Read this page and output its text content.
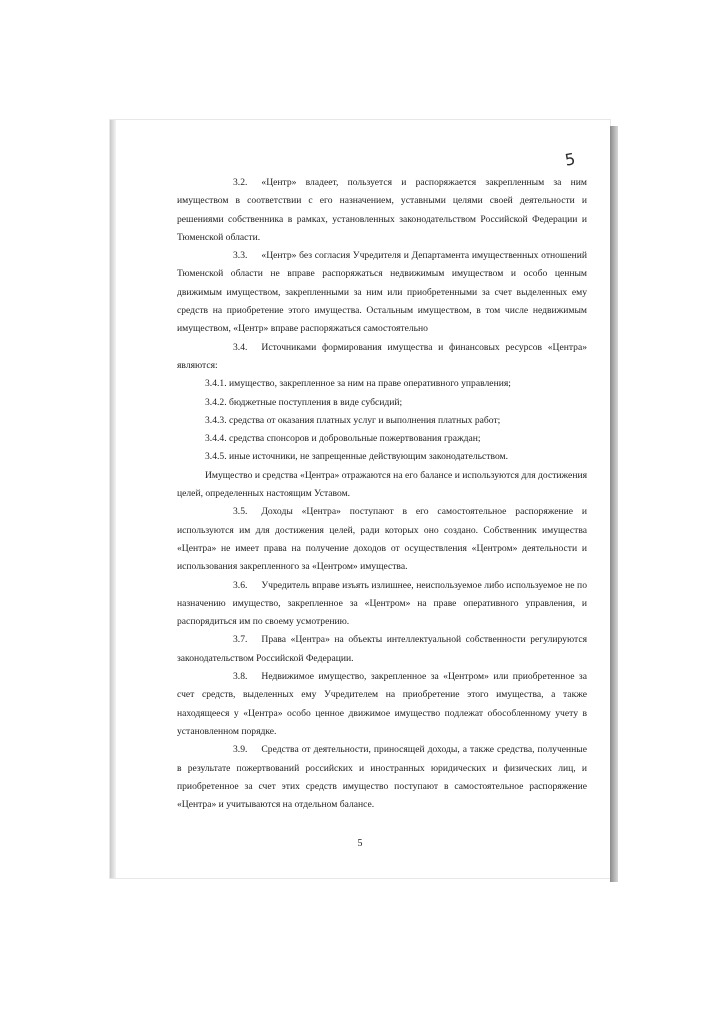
5

3.2. «Центр» владеет, пользуется и распоряжается закрепленным за ним имуществом в соответствии с его назначением, уставными целями своей деятельности и решениями собственника в рамках, установленных законодательством Российской Федерации и Тюменской области.

3.3. «Центр» без согласия Учредителя и Департамента имущественных отношений Тюменской области не вправе распоряжаться недвижимым имуществом и особо ценным движимым имуществом, закрепленными за ним или приобретенными за счет выделенных ему средств на приобретение этого имущества. Остальным имуществом, в том числе недвижимым имуществом, «Центр» вправе распоряжаться самостоятельно

3.4. Источниками формирования имущества и финансовых ресурсов «Центра» являются:

3.4.1. имущество, закрепленное за ним на праве оперативного управления;

3.4.2. бюджетные поступления в виде субсидий;

3.4.3. средства от оказания платных услуг и выполнения платных работ;

3.4.4. средства спонсоров и добровольные пожертвования граждан;

3.4.5. иные источники, не запрещенные действующим законодательством.

Имущество и средства «Центра» отражаются на его балансе и используются для достижения целей, определенных настоящим Уставом.

3.5. Доходы «Центра» поступают в его самостоятельное распоряжение и используются им для достижения целей, ради которых оно создано. Собственник имущества «Центра» не имеет права на получение доходов от осуществления «Центром» деятельности и использования закрепленного за «Центром» имущества.

3.6. Учредитель вправе изъять излишнее, неиспользуемое либо используемое не по назначению имущество, закрепленное за «Центром» на праве оперативного управления, и распорядиться им по своему усмотрению.

3.7. Права «Центра» на объекты интеллектуальной собственности регулируются законодательством Российской Федерации.

3.8. Недвижимое имущество, закрепленное за «Центром» или приобретенное за счет средств, выделенных ему Учредителем на приобретение этого имущества, а также находящееся у «Центра» особо ценное движимое имущество подлежат обособленному учету в установленном порядке.

3.9. Средства от деятельности, приносящей доходы, а также средства, полученные в результате пожертвований российских и иностранных юридических и физических лиц, и приобретенное за счет этих средств имущество поступают в самостоятельное распоряжение «Центра» и учитываются на отдельном балансе.

5
